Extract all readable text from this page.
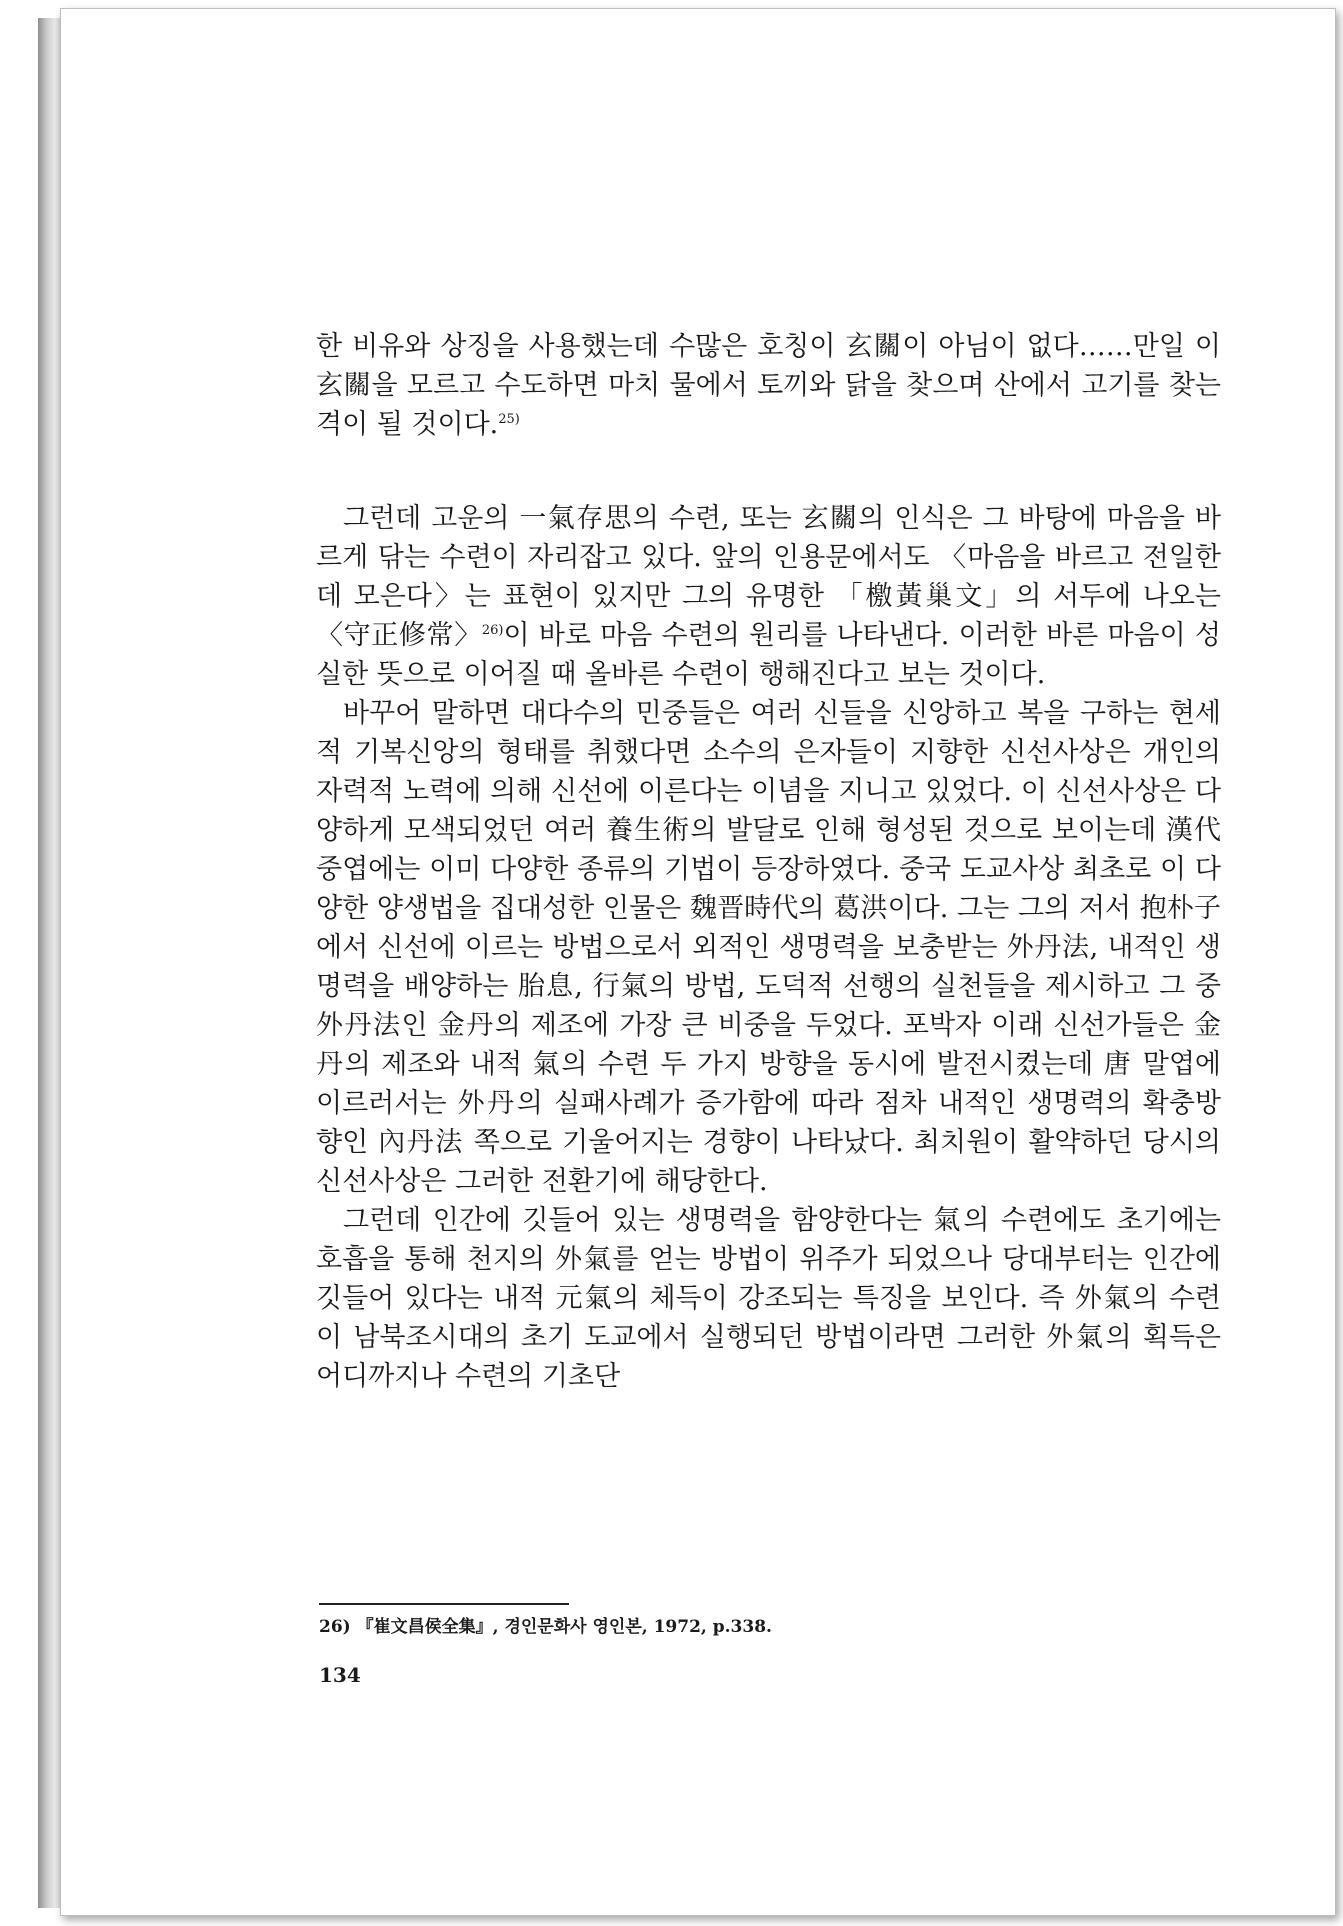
한 비유와 상징을 사용했는데 수많은 호칭이 玄關이 아님이 없다……만일 이 玄關을 모르고 수도하면 마치 물에서 토끼와 닭을 찾으며 산에서 고기를 찾는 격이 될 것이다.$^{25)}$

그런데 고운의 一氣存思의 수련, 또는 玄關의 인식은 그 바탕에 마음을 바르게 닦는 수련이 자리잡고 있다. 앞의 인용문에서도 〈마음을 바르고 전일한 데 모은다〉는 표현이 있지만 그의 유명한 「檄黃巢文」의 서두에 나오는 〈守正修常〉$^{26)}$이 바로 마음 수련의 원리를 나타낸다. 이러한 바른 마음이 성실한 뜻으로 이어질 때 올바른 수련이 행해진다고 보는 것이다.

바꾸어 말하면 대다수의 민중들은 여러 신들을 신앙하고 복을 구하는 현세적 기복신앙의 형태를 취했다면 소수의 은자들이 지향한 신선사상은 개인의 자력적 노력에 의해 신선에 이른다는 이념을 지니고 있었다. 이 신선사상은 다양하게 모색되었던 여러 養生術의 발달로 인해 형성된 것으로 보이는데 漢代 중엽에는 이미 다양한 종류의 기법이 등장하였다. 중국 도교사상 최초로 이 다양한 양생법을 집대성한 인물은 魏晋時代의 葛洪이다. 그는 그의 저서 抱朴子에서 신선에 이르는 방법으로서 외적인 생명력을 보충받는 外丹法, 내적인 생명력을 배양하는 胎息, 行氣의 방법, 도덕적 선행의 실천들을 제시하고 그 중 外丹法인 金丹의 제조에 가장 큰 비중을 두었다. 포박자 이래 신선가들은 金丹의 제조와 내적 氣의 수련 두 가지 방향을 동시에 발전시켰는데 唐 말엽에 이르러서는 外丹의 실패사례가 증가함에 따라 점차 내적인 생명력의 확충방향인 內丹法 쪽으로 기울어지는 경향이 나타났다. 최치원이 활약하던 당시의 신선사상은 그러한 전환기에 해당한다.

그런데 인간에 깃들어 있는 생명력을 함양한다는 氣의 수련에도 초기에는 호흡을 통해 천지의 外氣를 얻는 방법이 위주가 되었으나 당대부터는 인간에 깃들어 있다는 내적 元氣의 체득이 강조되는 특징을 보인다. 즉 外氣의 수련이 남북조시대의 초기 도교에서 실행되던 방법이라면 그러한 外氣의 획득은 어디까지나 수련의 기초단

26) 『崔文昌侯全集』, 경인문화사 영인본, 1972, p.338.
134
